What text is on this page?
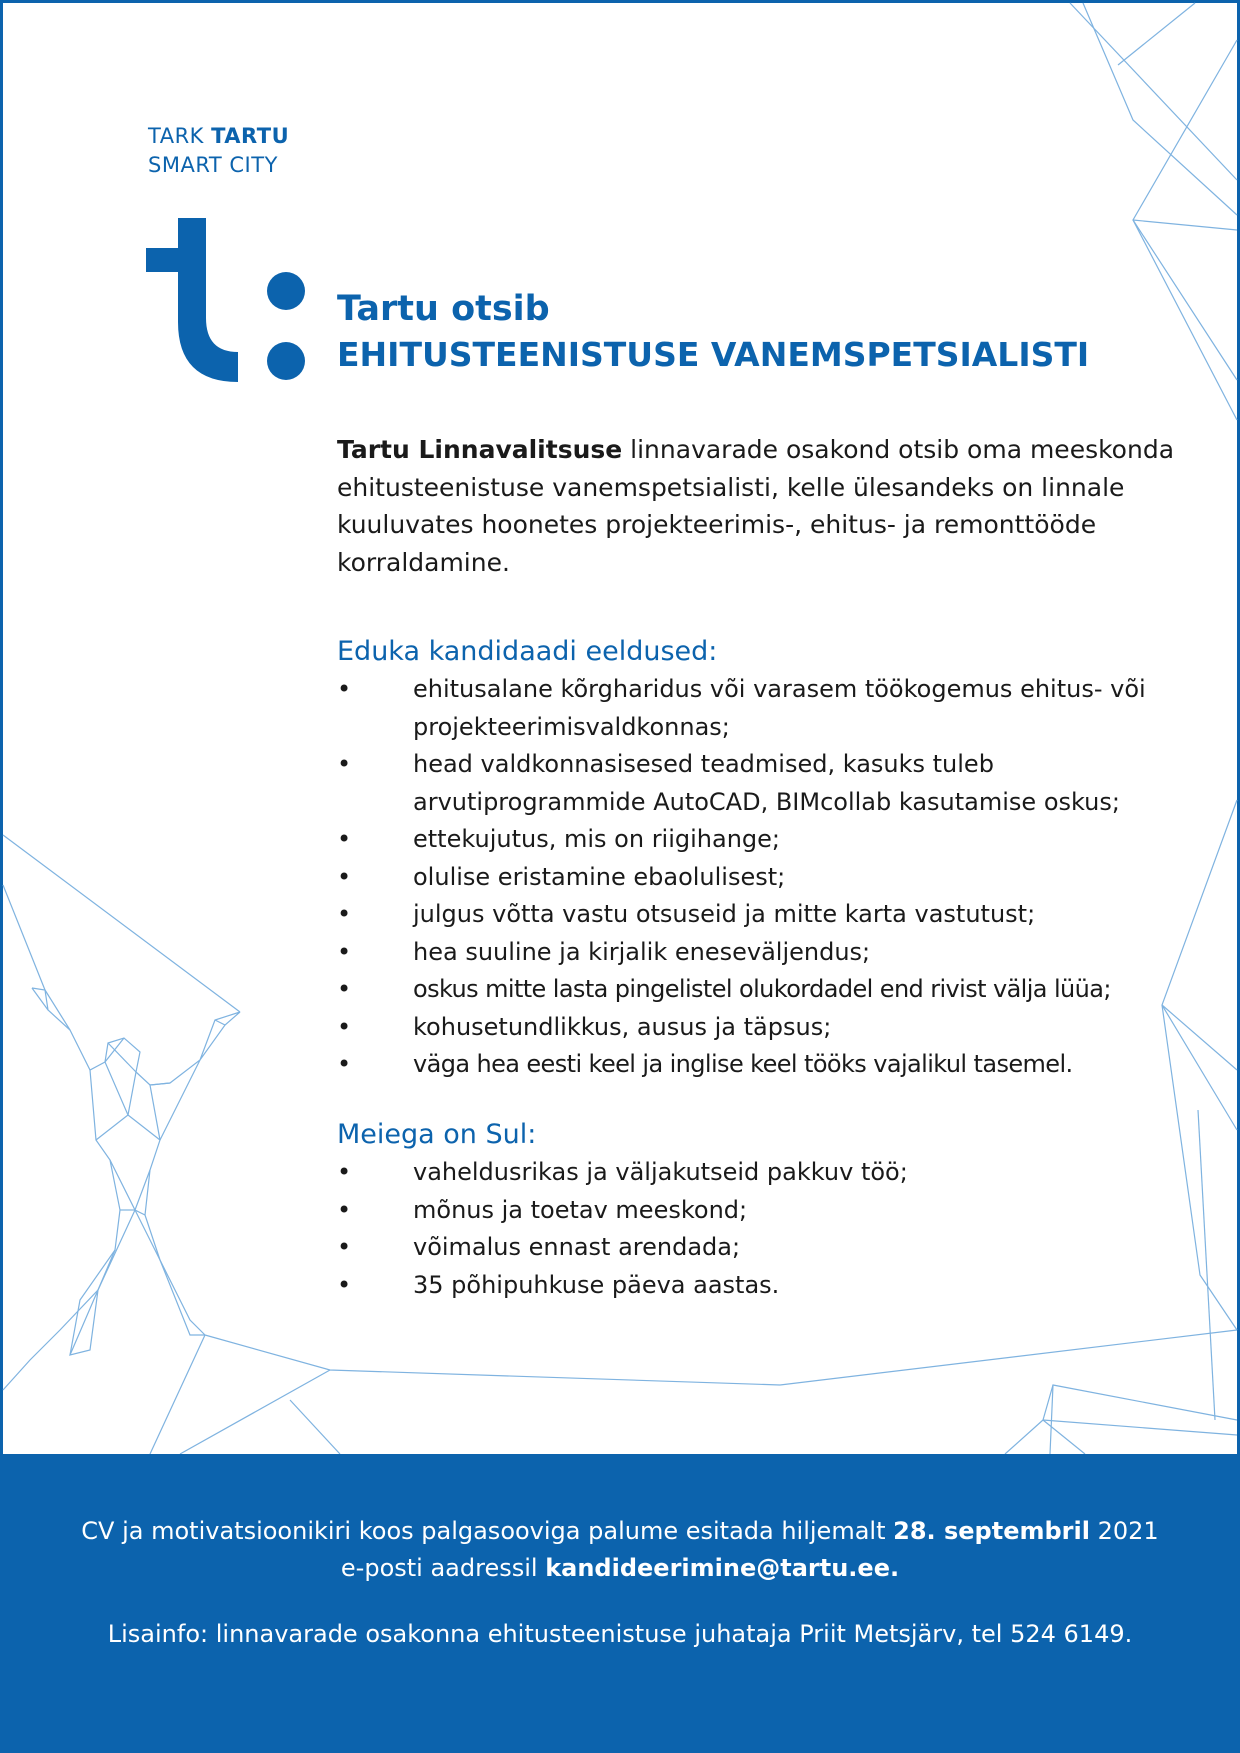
TARK TARTU
SMART CITY
Tartu otsib
EHITUSTEENISTUSE VANEMSPETSIALISTI
Tartu Linnavalitsuse linnavarade osakond otsib oma meeskonda ehitusteenistuse vanemspetsialisti, kelle ülesandeks on linnale kuuluvates hoonetes projekteerimis-, ehitus- ja remonttööde korraldamine.
Eduka kandidaadi eeldused:
•	ehitusalane kõrgharidus või varasem töökogemus ehitus- või projekteerimisvaldkonnas;
•	head valdkonnasisesed teadmised, kasuks tuleb arvutiprogrammide AutoCAD, BIMcollab kasutamise oskus;
•	ettekujutus, mis on riigihange;
•	olulise eristamine ebaolulisest;
•	julgus võtta vastu otsuseid ja mitte karta vastutust;
•	hea suuline ja kirjalik eneseväljendus;
•	oskus mitte lasta pingelistel olukordadel end rivist välja lüüa;
•	kohusetundlikkus, ausus ja täpsus;
•	väga hea eesti keel ja inglise keel tööks vajalikul tasemel.
Meiega on Sul:
•	vaheldusrikas ja väljakutseid pakkuv töö;
•	mõnus ja toetav meeskond;
•	võimalus ennast arendada;
•	35 põhipuhkuse päeva aastas.

CV ja motivatsioonikiri koos palgasooviga palume esitada hiljemalt 28. septembril 2021
e-posti aadressil kandideerimine@tartu.ee.

Lisainfo: linnavarade osakonna ehitusteenistuse juhataja Priit Metsjärv, tel 524 6149.
